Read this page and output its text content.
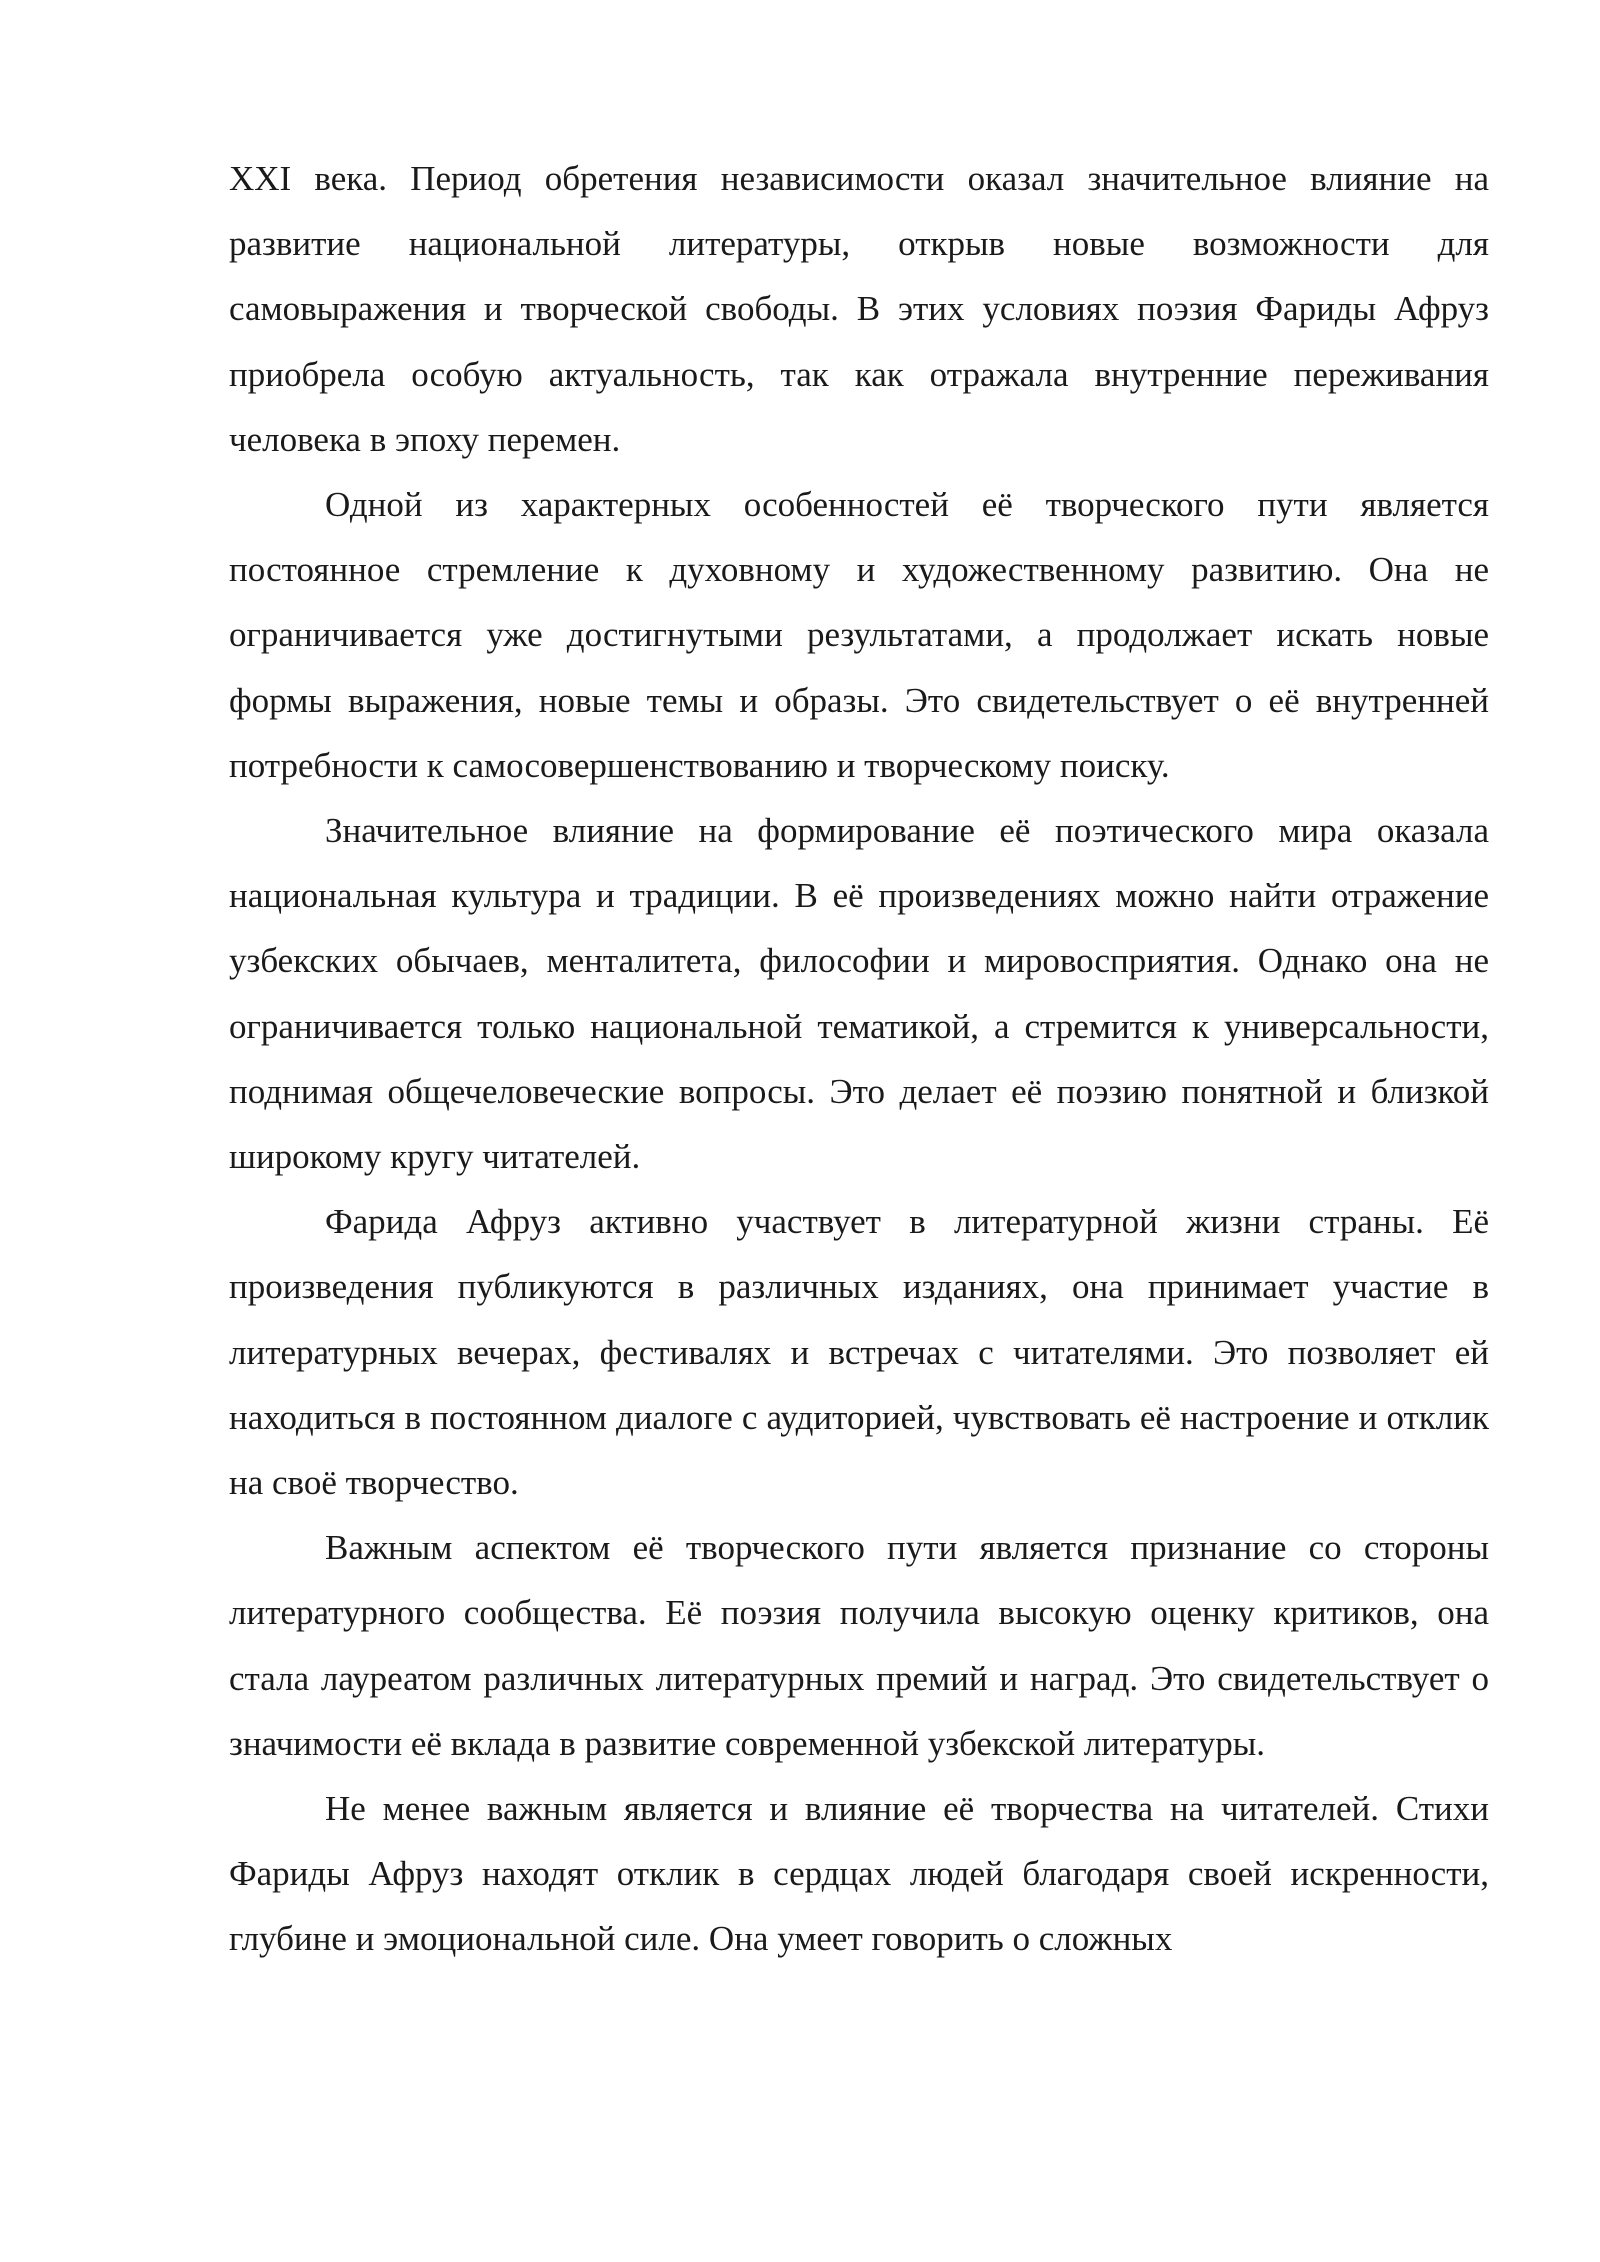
XXI века. Период обретения независимости оказал значительное влияние на развитие национальной литературы, открыв новые возможности для самовыражения и творческой свободы. В этих условиях поэзия Фариды Афруз приобрела особую актуальность, так как отражала внутренние переживания человека в эпоху перемен.

Одной из характерных особенностей её творческого пути является постоянное стремление к духовному и художественному развитию. Она не ограничивается уже достигнутыми результатами, а продолжает искать новые формы выражения, новые темы и образы. Это свидетельствует о её внутренней потребности к самосовершенствованию и творческому поиску.

Значительное влияние на формирование её поэтического мира оказала национальная культура и традиции. В её произведениях можно найти отражение узбекских обычаев, менталитета, философии и мировосприятия. Однако она не ограничивается только национальной тематикой, а стремится к универсальности, поднимая общечеловеческие вопросы. Это делает её поэзию понятной и близкой широкому кругу читателей.

Фарида Афруз активно участвует в литературной жизни страны. Её произведения публикуются в различных изданиях, она принимает участие в литературных вечерах, фестивалях и встречах с читателями. Это позволяет ей находиться в постоянном диалоге с аудиторией, чувствовать её настроение и отклик на своё творчество.

Важным аспектом её творческого пути является признание со стороны литературного сообщества. Её поэзия получила высокую оценку критиков, она стала лауреатом различных литературных премий и наград. Это свидетельствует о значимости её вклада в развитие современной узбекской литературы.

Не менее важным является и влияние её творчества на читателей. Стихи Фариды Афруз находят отклик в сердцах людей благодаря своей искренности, глубине и эмоциональной силе. Она умеет говорить о сложных
